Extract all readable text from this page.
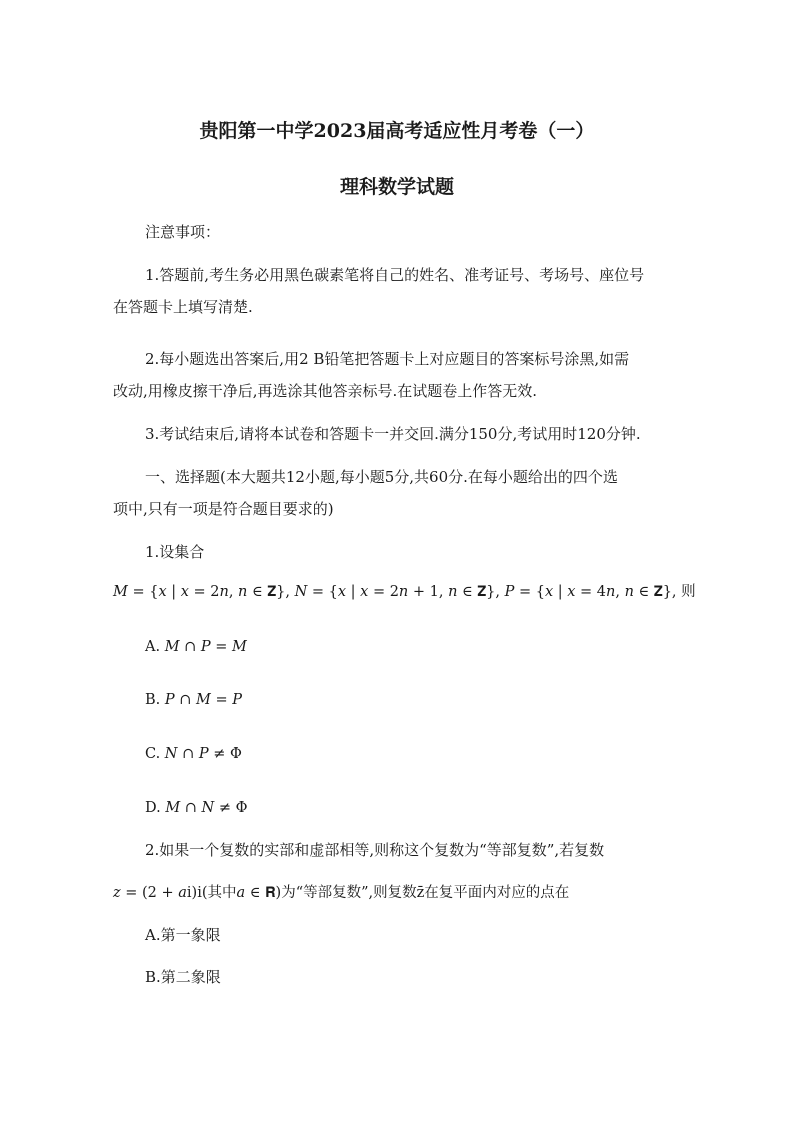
贵阳第一中学2023届高考适应性月考卷（一）
理科数学试题
注意事项：
1.答题前,考生务必用黑色碳素笔将自己的姓名、准考证号、考场号、座位号
在答题卡上填写清楚.
2.每小题选出答案后,用2 B铅笔把答题卡上对应题目的答案标号涂黑,如需
改动,用橡皮擦干净后,再选涂其他答亲标号.在试题卷上作答无效.
3.考试结束后,请将本试卷和答题卡一并交回.满分150分,考试用时120分钟.
一、选择题(本大题共12小题,每小题5分,共60分.在每小题给出的四个选
项中,只有一项是符合题目要求的)
1.设集合
𝑀 = {𝑥 | 𝑥 = 2𝑛, 𝑛 ∈ 𝐙}, 𝑁 = {𝑥 | 𝑥 = 2𝑛 + 1, 𝑛 ∈ 𝐙}, 𝑃 = {𝑥 | 𝑥 = 4𝑛, 𝑛 ∈ 𝐙}, 则
A. 𝑀 ∩ 𝑃 = 𝑀
B. 𝑃 ∩ 𝑀 = 𝑃
C. 𝑁 ∩ 𝑃 ≠ Φ
D. 𝑀 ∩ 𝑁 ≠ Φ
2.如果一个复数的实部和虚部相等,则称这个复数为“等部复数”,若复数
𝑧 = (2 + 𝑎i)i(其中𝑎 ∈ 𝐑)为“等部复数”,则复数z̄在复平面内对应的点在
A.第一象限
B.第二象限
